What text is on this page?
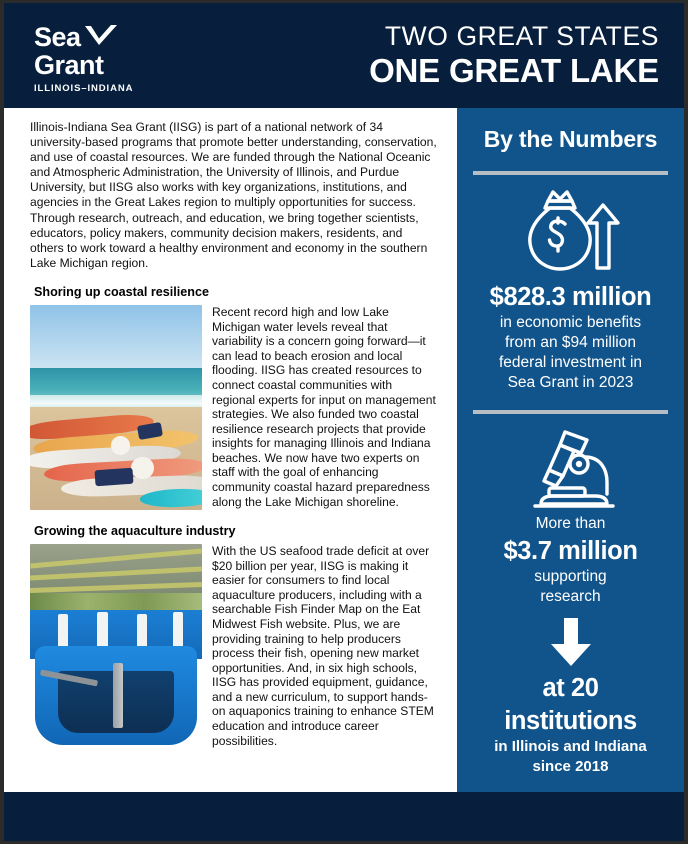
Sea
Grant
ILLINOIS–INDIANA
TWO GREAT STATES
ONE GREAT LAKE

Illinois-Indiana Sea Grant (IISG) is part of a national network of 34 university-based programs that promote better understanding, conservation, and use of coastal resources. We are funded through the National Oceanic and Atmospheric Administration, the University of Illinois, and Purdue University, but IISG also works with key organizations, institutions, and agencies in the Great Lakes region to multiply opportunities for success.

Through research, outreach, and education, we bring together scientists, educators, policy makers, community decision makers, residents, and others to work toward a healthy environment and economy in the southern Lake Michigan region.

Shoring up coastal resilience

Recent record high and low Lake Michigan water levels reveal that variability is a concern going forward—it can lead to beach erosion and local flooding. IISG has created resources to connect coastal communities with regional experts for input on management strategies. We also funded two coastal resilience research projects that provide insights for managing Illinois and Indiana beaches. We now have two experts on staff with the goal of enhancing community coastal hazard preparedness along the Lake Michigan shoreline.

Growing the aquaculture industry

With the US seafood trade deficit at over $20 billion per year, IISG is making it easier for consumers to find local aquaculture producers, including with a searchable Fish Finder Map on the Eat Midwest Fish website. Plus, we are providing training to help producers process their fish, opening new market opportunities. And, in six high schools, IISG has provided equipment, guidance, and a new curriculum, to support hands-on aquaponics training to enhance STEM education and introduce career possibilities.

By the Numbers
$828.3 million
in economic benefits
from an $94 million
federal investment in
Sea Grant in 2023
More than
$3.7 million
supporting
research
at 20
institutions
in Illinois and Indiana
since 2018
